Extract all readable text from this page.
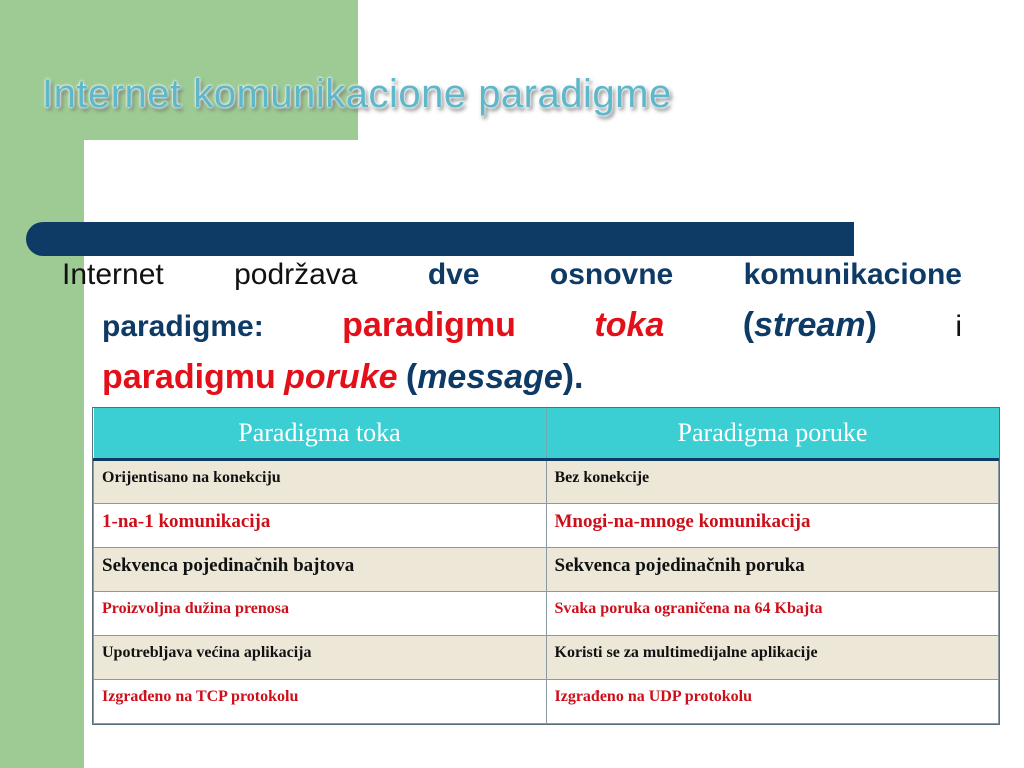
Internet komunikacione paradigme
Internet podržava dve osnovne komunikacione
paradigme: paradigmu toka (stream)	i
paradigmu poruke (message).
Paradigma toka	Paradigma poruke
Orijentisano na konekciju	Bez konekcije
1-na-1 komunikacija	Mnogi-na-mnoge komunikacija
Sekvenca pojedinačnih bajtova	Sekvenca pojedinačnih poruka
Proizvoljna dužina prenosa	Svaka poruka ograničena na 64 Kbajta
Upotrebljava većina aplikacija	Koristi se za multimedijalne aplikacije
Izgrađeno na TCP protokolu	Izgrađeno na UDP protokolu
